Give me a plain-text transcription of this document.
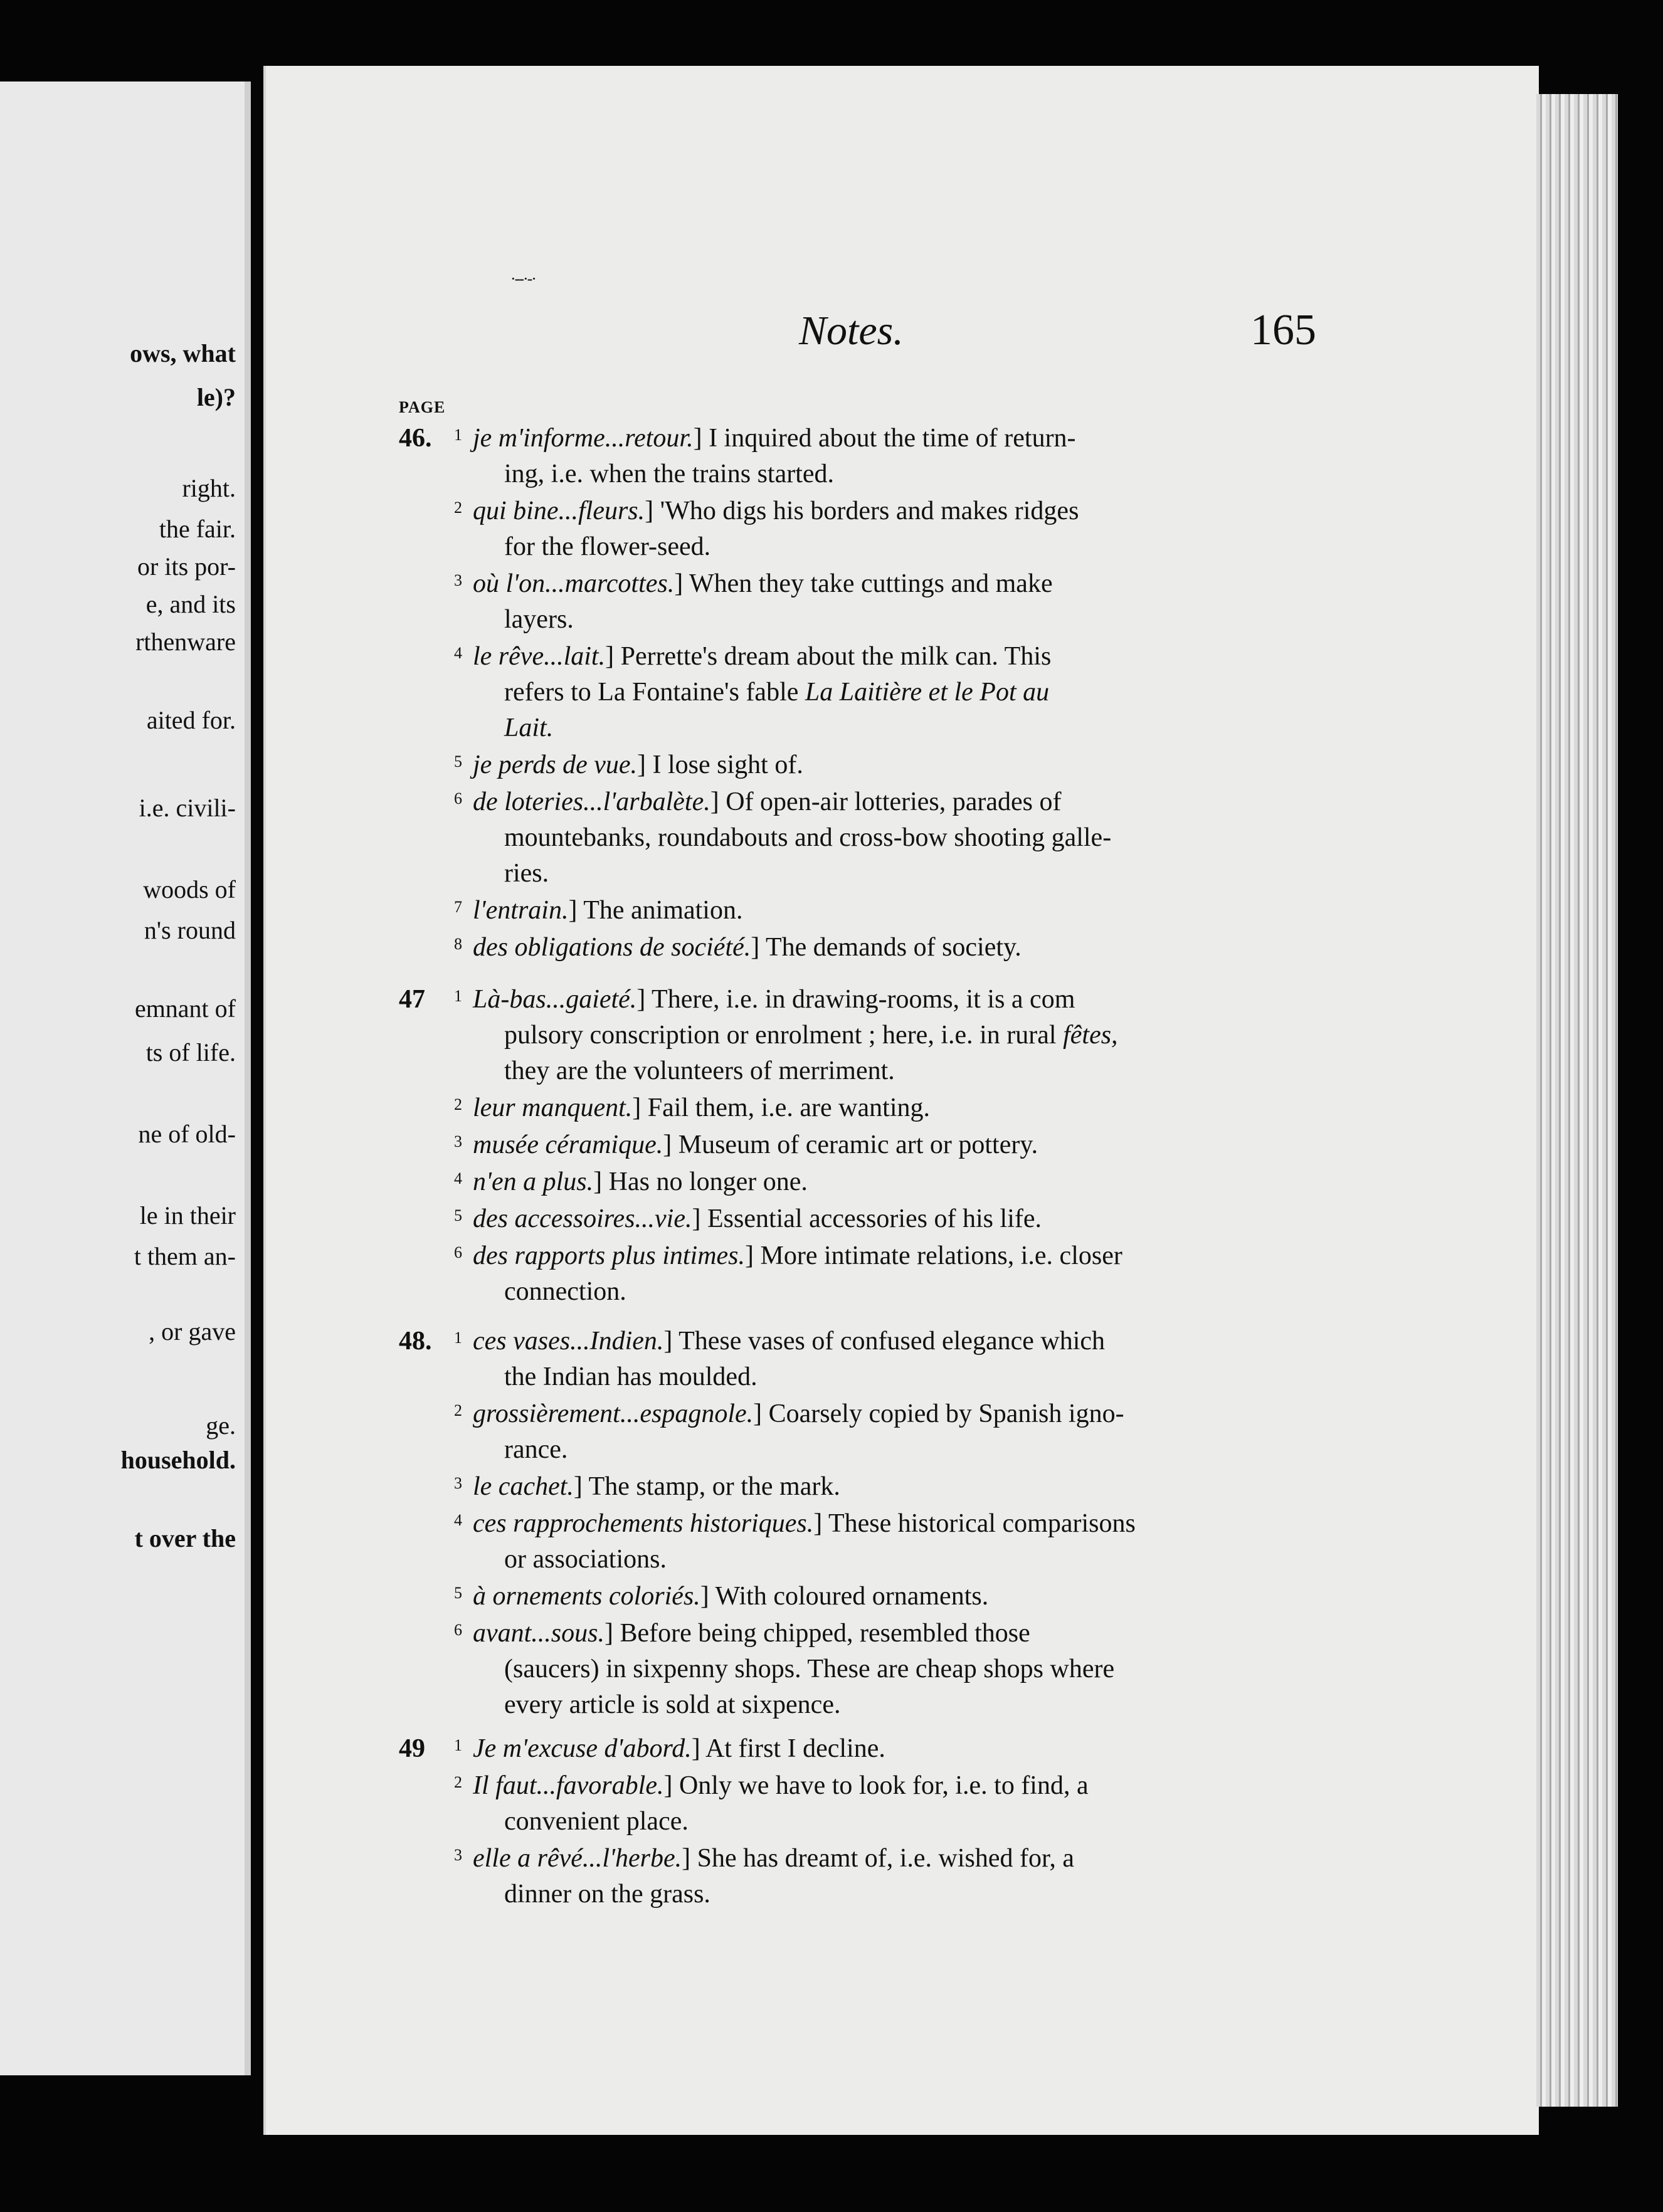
ows, what
le)?
right.
the fair.
or its por-
e, and its
rthenware
aited for.
i.e. civili-
woods of
n's round
emnant of
ts of life.
ne of old-
le in their
t them an-
, or gave
ge.
household.
t over the
·‑‑·‑·
Notes.	165
PAGE
46. 1 je m'informe...retour.] I inquired about the time of return-
ing, i.e. when the trains started.
2 qui bine...fleurs.] 'Who digs his borders and makes ridges
for the flower-seed.
3 où l'on...marcottes.] When they take cuttings and make
layers.
4 le rêve...lait.] Perrette's dream about the milk can. This
refers to La Fontaine's fable La Laitière et le Pot au
Lait.
5 je perds de vue.] I lose sight of.
6 de loteries...l'arbalète.] Of open-air lotteries, parades of
mountebanks, roundabouts and cross-bow shooting galle-
ries.
7 l'entrain.] The animation.
8 des obligations de société.] The demands of society.
47 1 Là-bas...gaieté.] There, i.e. in drawing-rooms, it is a com
pulsory conscription or enrolment ; here, i.e. in rural fêtes,
they are the volunteers of merriment.
2 leur manquent.] Fail them, i.e. are wanting.
3 musée céramique.] Museum of ceramic art or pottery.
4 n'en a plus.] Has no longer one.
5 des accessoires...vie.] Essential accessories of his life.
6 des rapports plus intimes.] More intimate relations, i.e. closer
connection.
48. 1 ces vases...Indien.] These vases of confused elegance which
the Indian has moulded.
2 grossièrement...espagnole.] Coarsely copied by Spanish igno-
rance.
3 le cachet.] The stamp, or the mark.
4 ces rapprochements historiques.] These historical comparisons
or associations.
5 à ornements coloriés.] With coloured ornaments.
6 avant...sous.] Before being chipped, resembled those
(saucers) in sixpenny shops. These are cheap shops where
every article is sold at sixpence.
49 1 Je m'excuse d'abord.] At first I decline.
2 Il faut...favorable.] Only we have to look for, i.e. to find, a
convenient place.
3 elle a rêvé...l'herbe.] She has dreamt of, i.e. wished for, a
dinner on the grass.
